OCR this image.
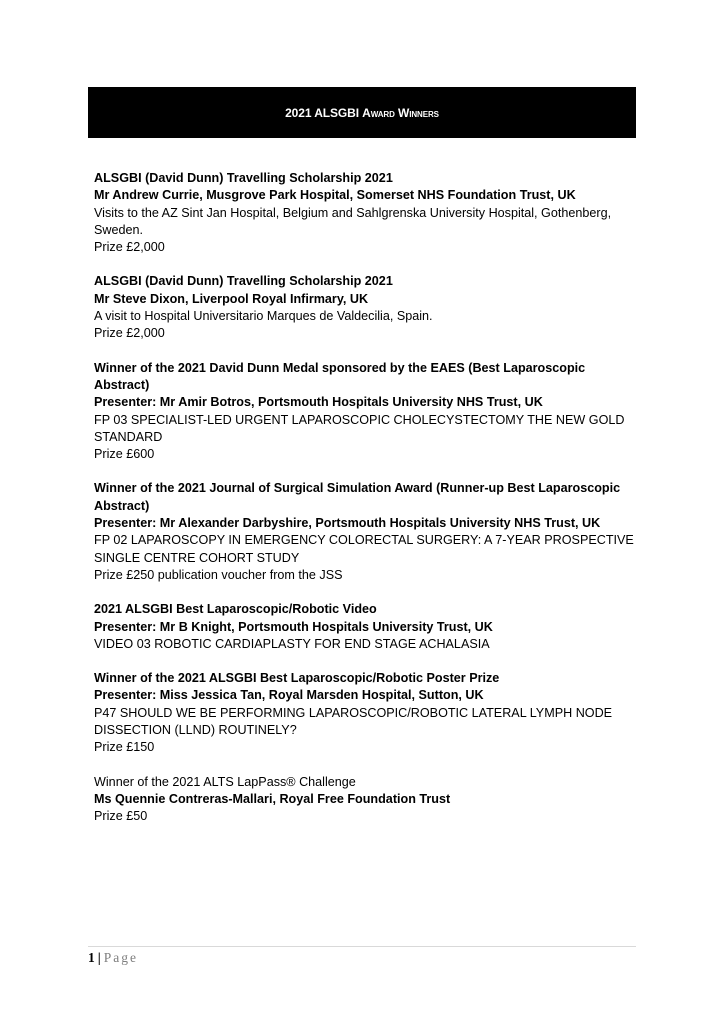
2021 ALSGBI Award Winners
ALSGBI (David Dunn) Travelling Scholarship 2021
Mr Andrew Currie, Musgrove Park Hospital, Somerset NHS Foundation Trust, UK
Visits to the AZ Sint Jan Hospital, Belgium and Sahlgrenska University Hospital, Gothenberg, Sweden.
Prize £2,000
ALSGBI (David Dunn) Travelling Scholarship 2021
Mr Steve Dixon, Liverpool Royal Infirmary, UK
A visit to Hospital Universitario Marques de Valdecilia, Spain.
Prize £2,000
Winner of the 2021 David Dunn Medal sponsored by the EAES (Best Laparoscopic Abstract)
Presenter: Mr Amir Botros, Portsmouth Hospitals University NHS Trust, UK
FP 03 SPECIALIST-LED URGENT LAPAROSCOPIC CHOLECYSTECTOMY THE NEW GOLD STANDARD
Prize £600
Winner of the 2021 Journal of Surgical Simulation Award (Runner-up Best Laparoscopic Abstract)
Presenter: Mr Alexander Darbyshire, Portsmouth Hospitals University NHS Trust, UK
FP 02 LAPAROSCOPY IN EMERGENCY COLORECTAL SURGERY: A 7-YEAR PROSPECTIVE SINGLE CENTRE COHORT STUDY
Prize £250 publication voucher from the JSS
2021 ALSGBI Best Laparoscopic/Robotic Video
Presenter: Mr B Knight, Portsmouth Hospitals University Trust, UK
VIDEO 03 ROBOTIC CARDIAPLASTY FOR END STAGE ACHALASIA
Winner of the 2021 ALSGBI Best Laparoscopic/Robotic Poster Prize
Presenter: Miss Jessica Tan, Royal Marsden Hospital, Sutton, UK
P47 SHOULD WE BE PERFORMING LAPAROSCOPIC/ROBOTIC LATERAL LYMPH NODE DISSECTION (LLND) ROUTINELY?
Prize £150
Winner of the 2021 ALTS LapPass® Challenge
Ms Quennie Contreras-Mallari, Royal Free Foundation Trust
Prize £50
1 | Page
